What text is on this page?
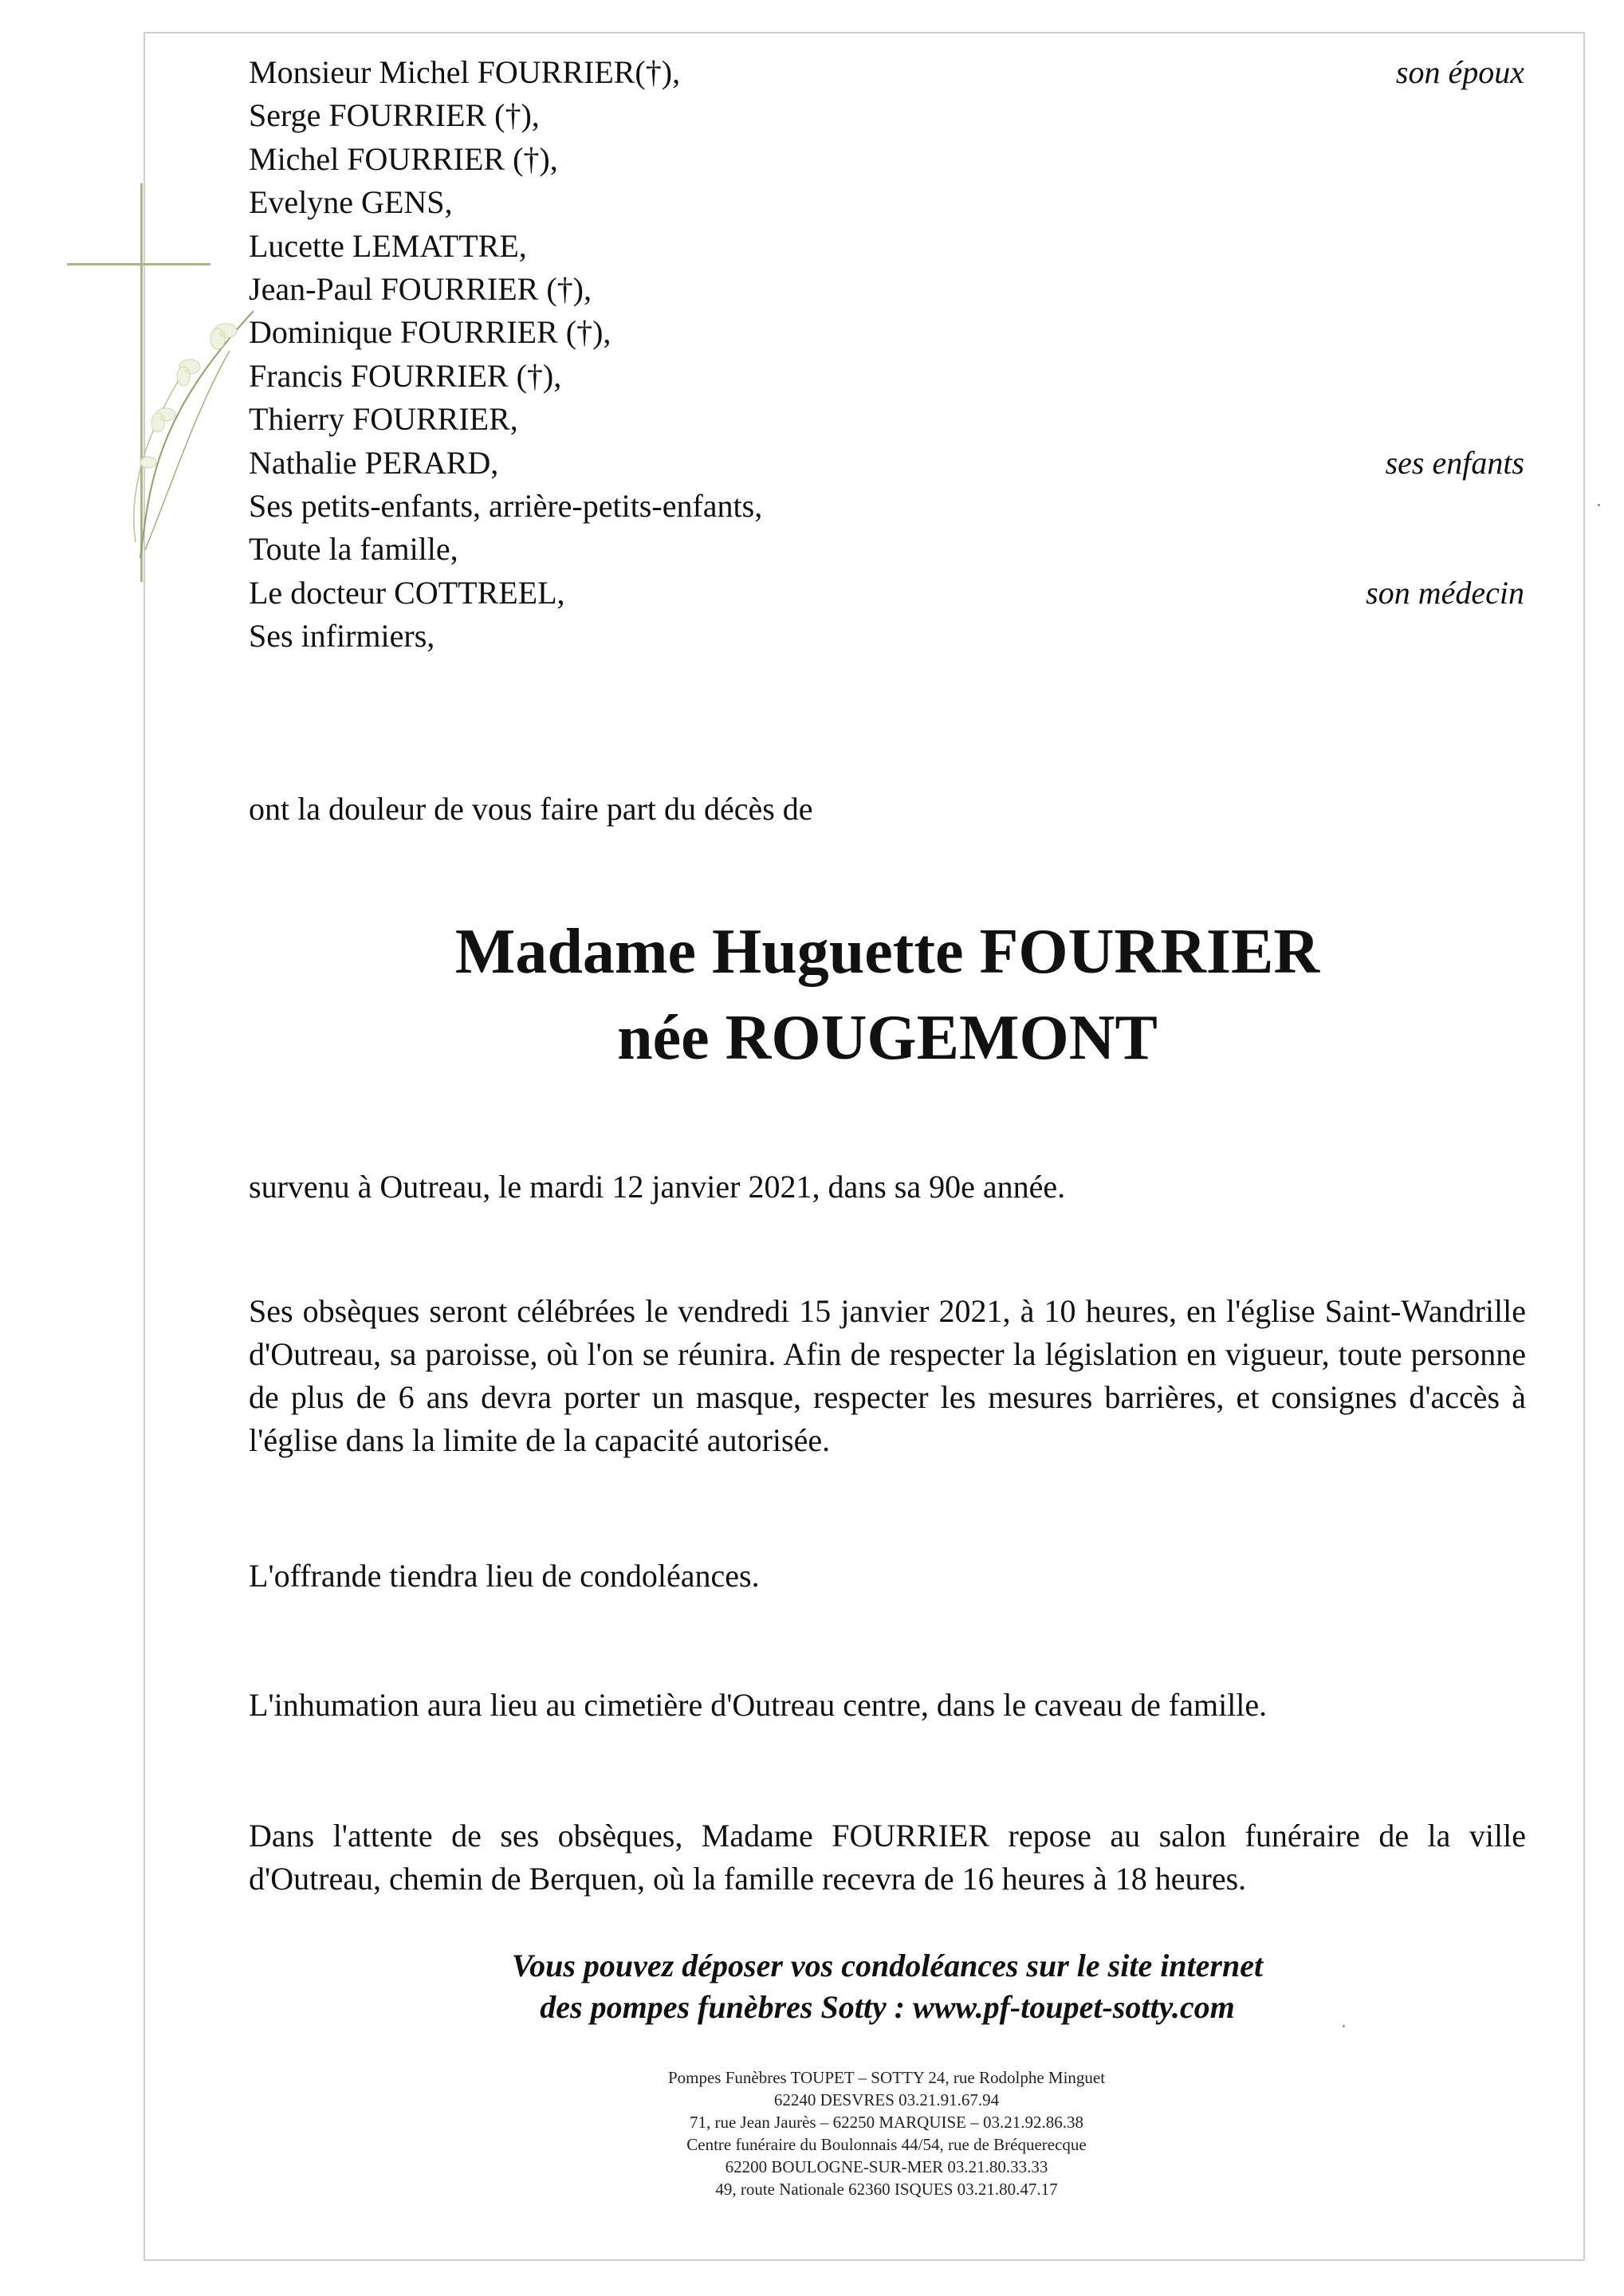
Monsieur Michel FOURRIER(†),	son époux
Serge FOURRIER (†),
Michel FOURRIER (†),
Evelyne GENS,
Lucette LEMATTRE,
Jean-Paul FOURRIER (†),
Dominique FOURRIER (†),
Francis FOURRIER (†),
Thierry FOURRIER,
Nathalie PERARD,	ses enfants
Ses petits-enfants, arrière-petits-enfants,
Toute la famille,
Le docteur COTTREEL,	son médecin
Ses infirmiers,
ont la douleur de vous faire part du décès de
Madame Huguette FOURRIER
née ROUGEMONT
survenu à Outreau, le mardi 12 janvier 2021, dans sa 90e année.
Ses obsèques seront célébrées le vendredi 15 janvier 2021, à 10 heures, en l'église Saint-Wandrille d'Outreau, sa paroisse, où l'on se réunira. Afin de respecter la législation en vigueur, toute personne de plus de 6 ans devra porter un masque, respecter les mesures barrières, et consignes d'accès à l'église dans la limite de la capacité autorisée.
L'offrande tiendra lieu de condoléances.
L'inhumation aura lieu au cimetière d'Outreau centre, dans le caveau de famille.
Dans l'attente de ses obsèques, Madame FOURRIER repose au salon funéraire de la ville d'Outreau, chemin de Berquen, où la famille recevra de 16 heures à 18 heures.
Vous pouvez déposer vos condoléances sur le site internet
des pompes funèbres Sotty : www.pf-toupet-sotty.com
Pompes Funèbres TOUPET – SOTTY 24, rue Rodolphe Minguet
62240 DESVRES 03.21.91.67.94
71, rue Jean Jaurès – 62250 MARQUISE – 03.21.92.86.38
Centre funéraire du Boulonnais 44/54, rue de Bréquerecque
62200 BOULOGNE-SUR-MER 03.21.80.33.33
49, route Nationale 62360 ISQUES 03.21.80.47.17
